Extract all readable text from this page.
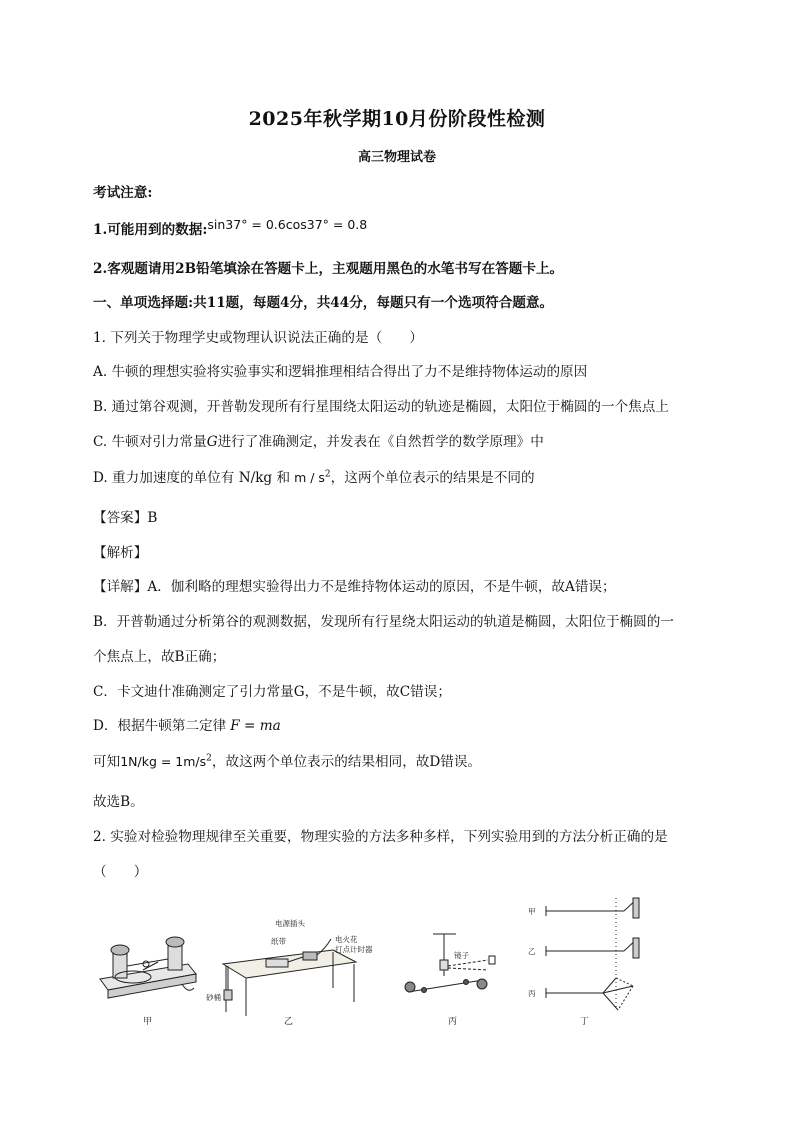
2025年秋学期10月份阶段性检测
高三物理试卷
考试注意:
1.可能用到的数据:sin37° = 0.6cos37° = 0.8
2.客观题请用2B铅笔填涂在答题卡上，主观题用黑色的水笔书写在答题卡上。
一、单项选择题:共11题，每题4分，共44分，每题只有一个选项符合题意。
1. 下列关于物理学史或物理认识说法正确的是（　　）
A. 牛顿的理想实验将实验事实和逻辑推理相结合得出了力不是维持物体运动的原因
B. 通过第谷观测，开普勒发现所有行星围绕太阳运动的轨迹是椭圆，太阳位于椭圆的一个焦点上
C. 牛顿对引力常量G进行了准确测定，并发表在《自然哲学的数学原理》中
D. 重力加速度的单位有 N/kg 和 m / $s^2$，这两个单位表示的结果是不同的
【答案】B
【解析】
【详解】A．伽利略的理想实验得出力不是维持物体运动的原因，不是牛顿，故A错误；
B．开普勒通过分析第谷的观测数据，发现所有行星绕太阳运动的轨道是椭圆，太阳位于椭圆的一
个焦点上，故B正确；
C．卡文迪什准确测定了引力常量G，不是牛顿，故C错误；
D．根据牛顿第二定律 F = ma
可知$1N/kg = 1m/s^2$，故这两个单位表示的结果相同，故D错误。
故选B。
2. 实验对检验物理规律至关重要，物理实验的方法多种多样，下列实验用到的方法分析正确的是
（　　）
甲
电源插头
纸带	电火花
打点计时器
砂桶
乙
镜子
丙
甲
乙
丙
丁
